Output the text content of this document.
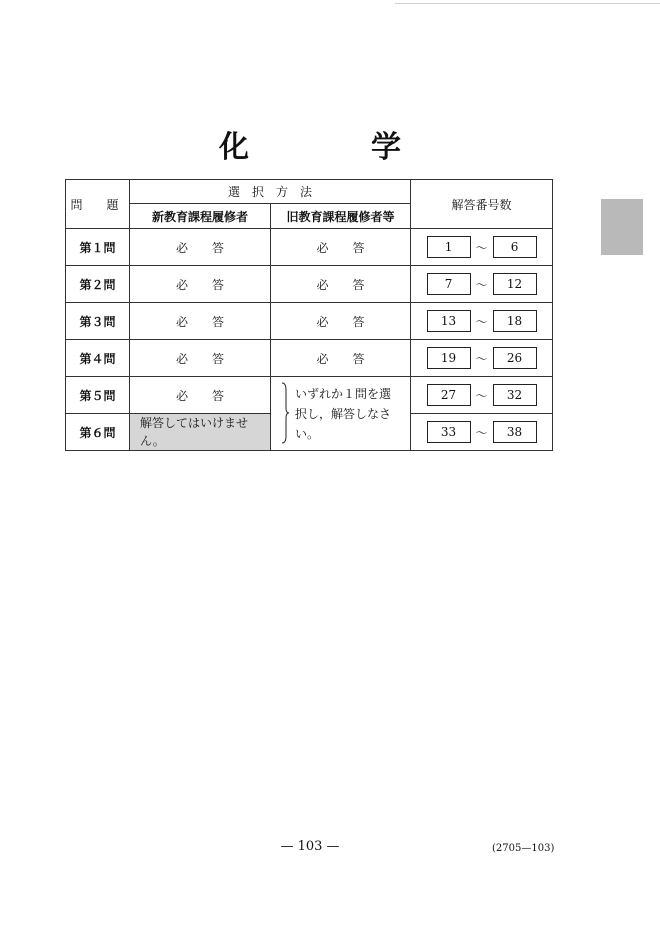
化　学
問　題	選　択　方　法		解答番号数
	新教育課程履修者	旧教育課程履修者等	
第１問	必　　答	必　　答	1 ～ 6

第２問	必　　答	必　　答	7 ～ 12

第３問	必　　答	必　　答	13 ～ 18

第４問	必　　答	必　　答	19 ～ 26

第５問	必　　答	いずれか１問を選択し，解答しなさい。	27 ～ 32

第６問	解答してはいけません。		33 ～ 38
— 103 —	(2705—103)
